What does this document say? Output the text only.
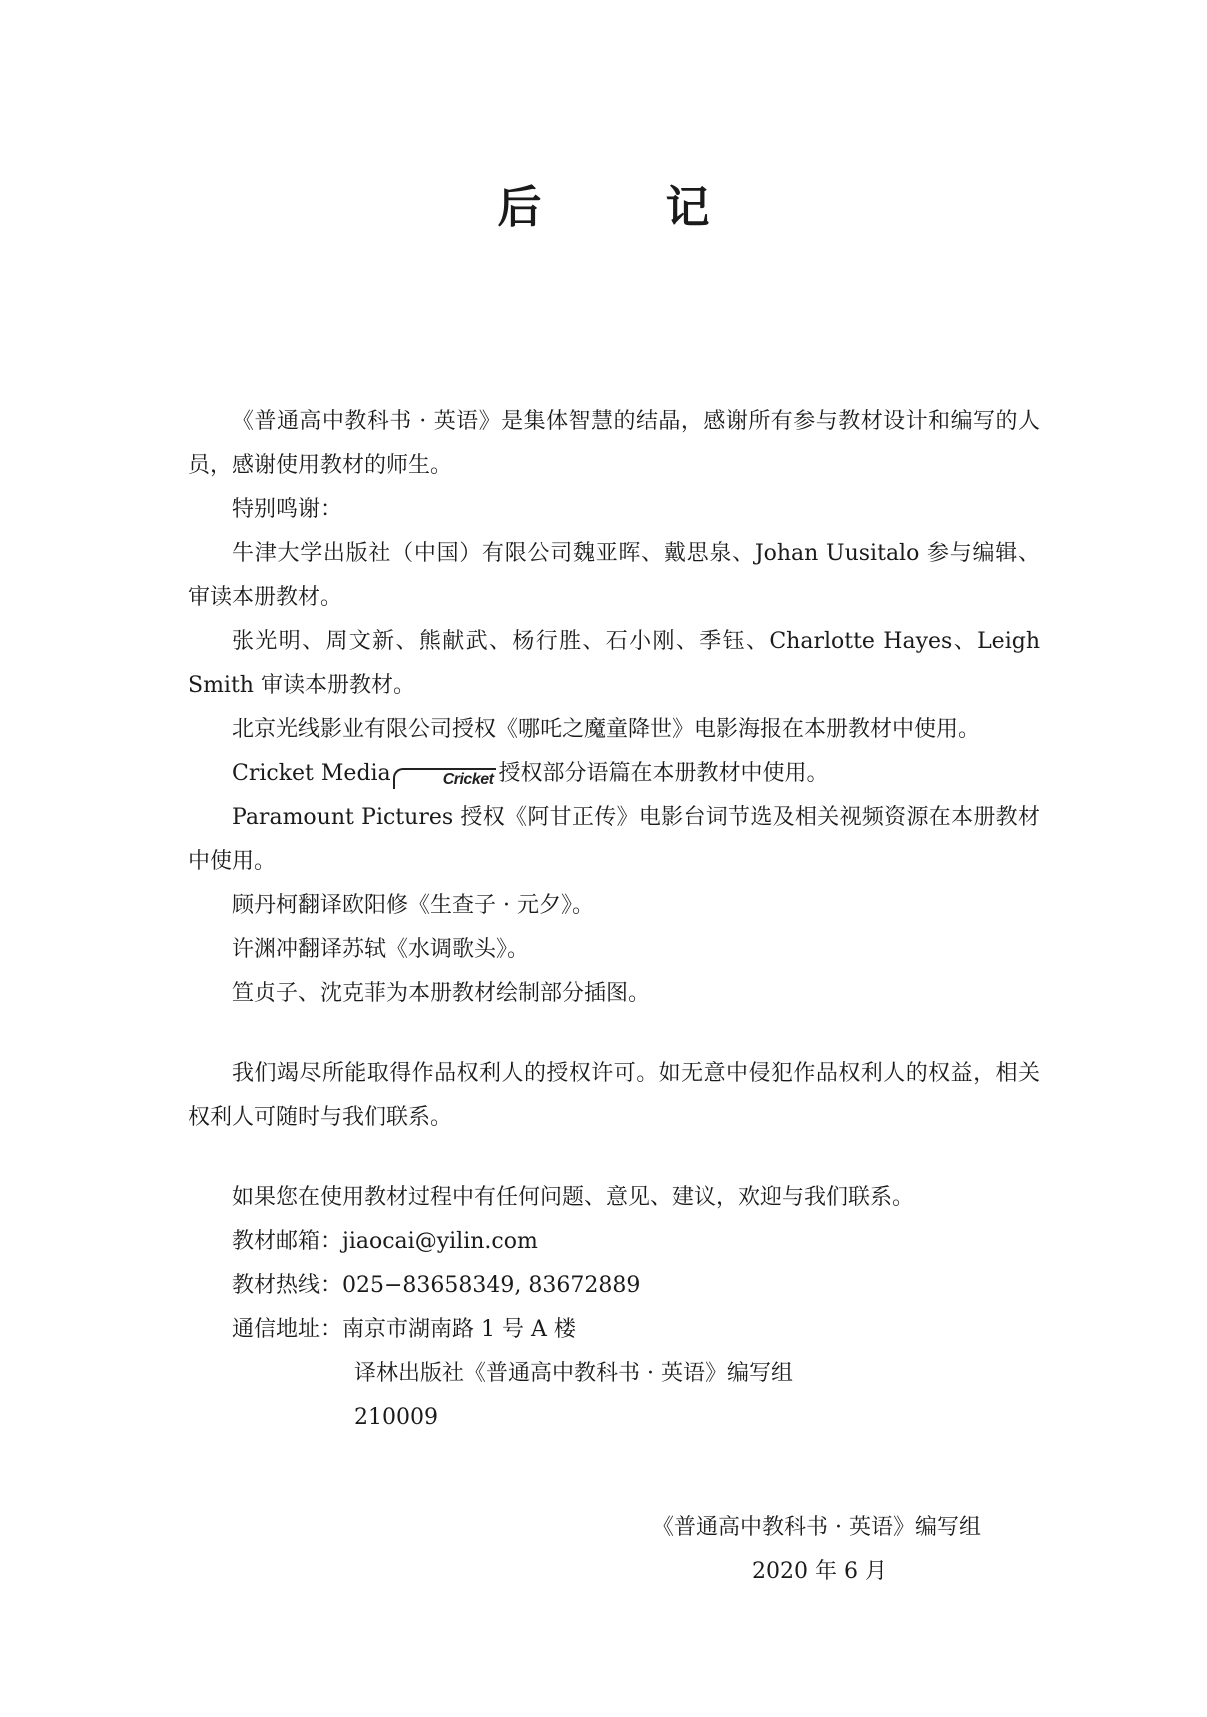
后　记

《普通高中教科书 · 英语》是集体智慧的结晶，感谢所有参与教材设计和编写的人员，感谢使用教材的师生。

特别鸣谢：

牛津大学出版社（中国）有限公司魏亚晖、戴思泉、Johan Uusitalo 参与编辑、审读本册教材。

张光明、周文新、熊献武、杨行胜、石小刚、季钰、Charlotte Hayes、Leigh Smith 审读本册教材。

北京光线影业有限公司授权《哪吒之魔童降世》电影海报在本册教材中使用。

Cricket Media	Cricket 授权部分语篇在本册教材中使用。

Paramount Pictures 授权《阿甘正传》电影台词节选及相关视频资源在本册教材中使用。

顾丹柯翻译欧阳修《生查子 · 元夕》。

许渊冲翻译苏轼《水调歌头》。

笪贞子、沈克菲为本册教材绘制部分插图。

我们竭尽所能取得作品权利人的授权许可。如无意中侵犯作品权利人的权益，相关权利人可随时与我们联系。

如果您在使用教材过程中有任何问题、意见、建议，欢迎与我们联系。

教材邮箱：jiaocai@yilin.com

教材热线：025−83658349, 83672889

通信地址：南京市湖南路 1 号 A 楼

译林出版社《普通高中教科书 · 英语》编写组

210009

《普通高中教科书 · 英语》编写组

2020 年 6 月
